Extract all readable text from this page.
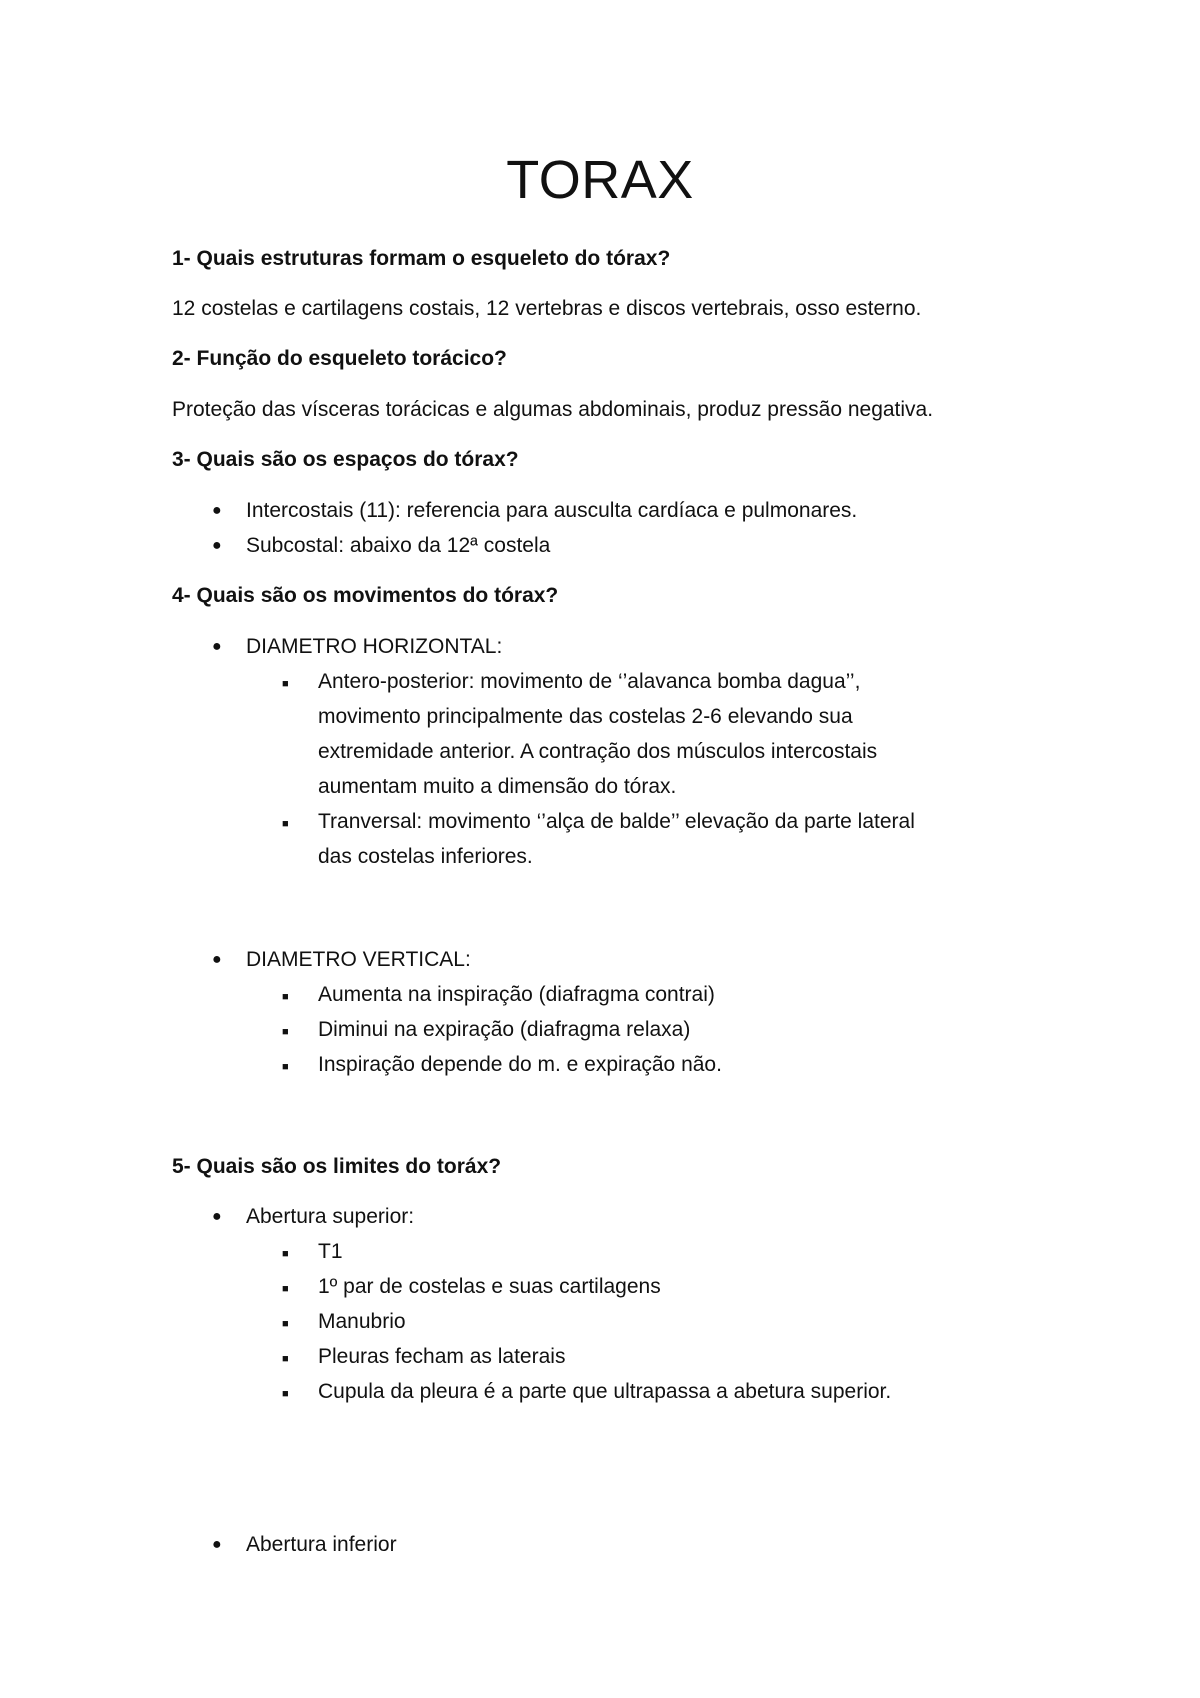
TORAX
1- Quais estruturas formam o esqueleto do tórax?
12 costelas e cartilagens costais, 12 vertebras e discos vertebrais, osso esterno.
2- Função do esqueleto torácico?
Proteção das vísceras torácicas e algumas abdominais, produz pressão negativa.
3- Quais são os espaços do tórax?
● Intercostais (11): referencia para ausculta cardíaca e pulmonares.
● Subcostal: abaixo da 12ª costela
4- Quais são os movimentos do tórax?
● DIAMETRO HORIZONTAL:
■ Antero-posterior: movimento de ‘’alavanca bomba dagua’’,
movimento principalmente das costelas 2-6 elevando sua
extremidade anterior. A contração dos músculos intercostais
aumentam muito a dimensão do tórax.
■ Tranversal: movimento ‘’alça de balde’’ elevação da parte lateral
das costelas inferiores.
● DIAMETRO VERTICAL:
■ Aumenta na inspiração (diafragma contrai)
■ Diminui na expiração (diafragma relaxa)
■ Inspiração depende do m. e expiração não.
5- Quais são os limites do toráx?
● Abertura superior:
■ T1
■ 1º par de costelas e suas cartilagens
■ Manubrio
■ Pleuras fecham as laterais
■ Cupula da pleura é a parte que ultrapassa a abetura superior.
● Abertura inferior
